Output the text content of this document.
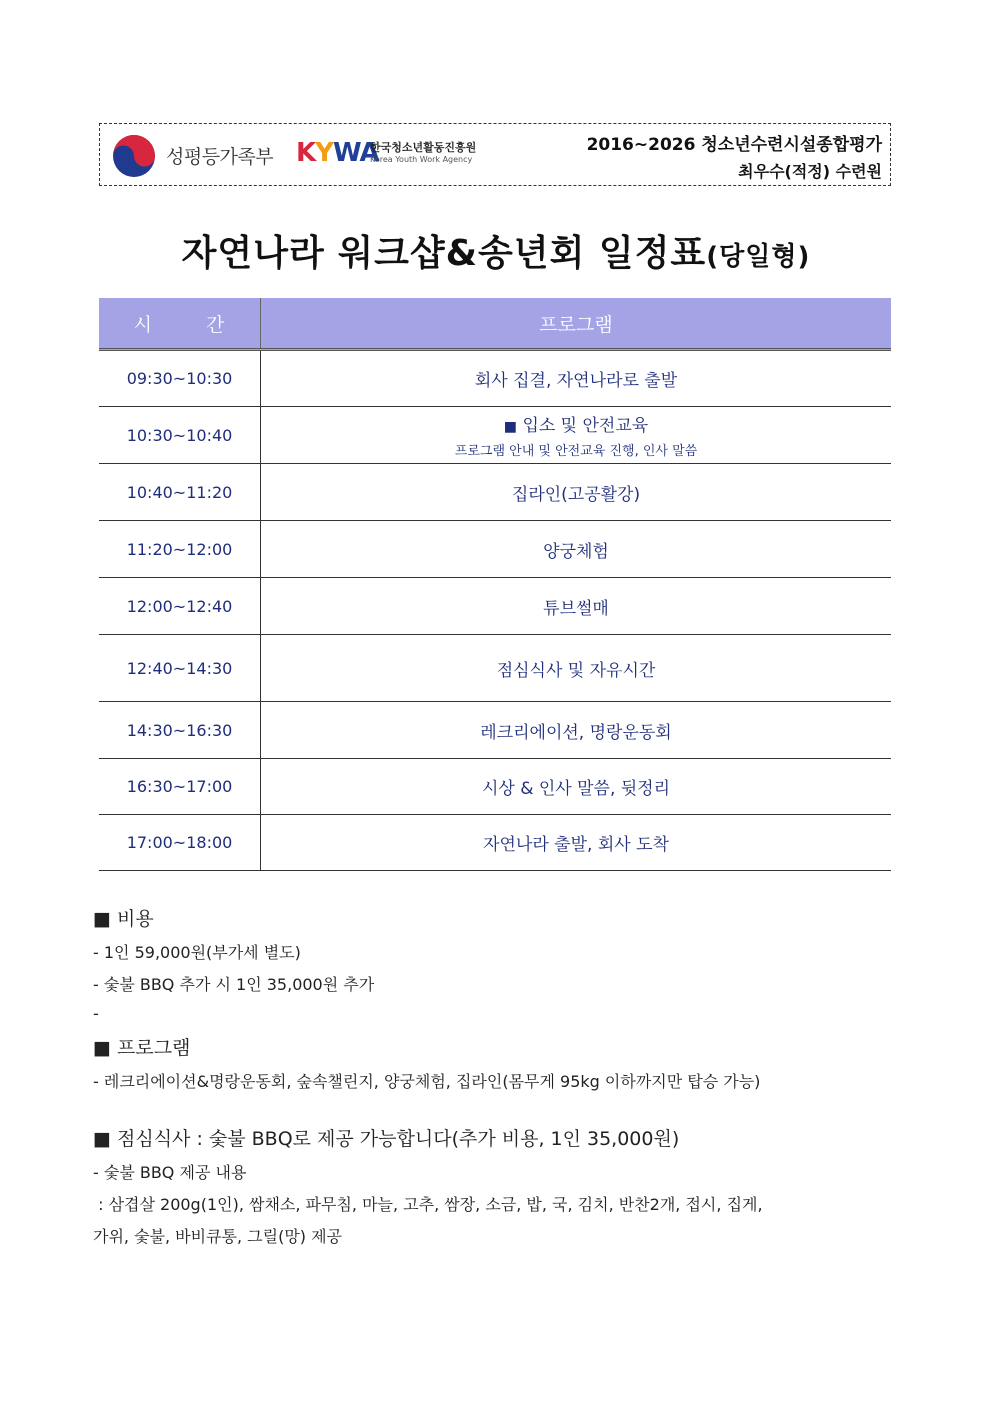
성평등가족부 KYWA
한국청소년활동진흥원
Korea Youth Work Agency
2016~2026 청소년수련시설종합평가
최우수(적정) 수련원
자연나라 워크샵&송년회 일정표(당일형)
시 간	프로그램
09:30~10:30	회사 집결, 자연나라로 출발
10:30~10:40	■ 입소 및 안전교육
프로그램 안내 및 안전교육 진행, 인사 말씀

10:40~11:20	집라인(고공활강)
11:20~12:00	양궁체험
12:00~12:40	튜브썰매
12:40~14:30	점심식사 및 자유시간
14:30~16:30	레크리에이션, 명랑운동회
16:30~17:00	시상 & 인사 말씀, 뒷정리
17:00~18:00	자연나라 출발, 회사 도착
■ 비용
- 1인 59,000원(부가세 별도)
- 숯불 BBQ 추가 시 1인 35,000원 추가
-
■ 프로그램
- 레크리에이션&명랑운동회, 숲속챌린지, 양궁체험, 집라인(몸무게 95kg 이하까지만 탑승 가능)
■ 점심식사 : 숯불 BBQ로 제공 가능합니다(추가 비용, 1인 35,000원)
- 숯불 BBQ 제공 내용
: 삼겹살 200g(1인), 쌈채소, 파무침, 마늘, 고추, 쌈장, 소금, 밥, 국, 김치, 반찬2개, 접시, 집게,
가위, 숯불, 바비큐통, 그릴(망) 제공
